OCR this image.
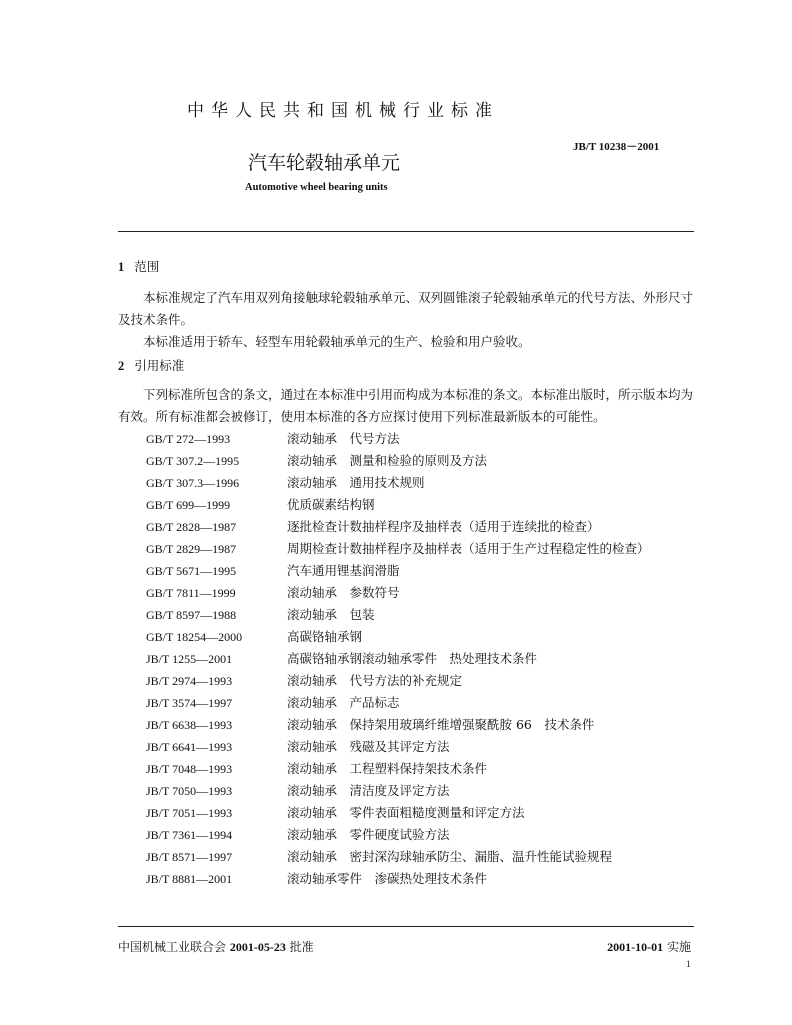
中华人民共和国机械行业标准
JB/T 10238－2001
汽车轮毂轴承单元
Automotive wheel bearing units
1 范围
本标准规定了汽车用双列角接触球轮毂轴承单元、双列圆锥滚子轮毂轴承单元的代号方法、外形尺寸及技术条件。
本标准适用于轿车、轻型车用轮毂轴承单元的生产、检验和用户验收。
2 引用标准
下列标准所包含的条文，通过在本标准中引用而构成为本标准的条文。本标准出版时，所示版本均为有效。所有标准都会被修订，使用本标准的各方应探讨使用下列标准最新版本的可能性。
GB/T 272—1993	滚动轴承　代号方法
GB/T 307.2—1995	滚动轴承　测量和检验的原则及方法
GB/T 307.3—1996	滚动轴承　通用技术规则
GB/T 699—1999	优质碳素结构钢
GB/T 2828—1987	逐批检查计数抽样程序及抽样表（适用于连续批的检查）
GB/T 2829—1987	周期检查计数抽样程序及抽样表（适用于生产过程稳定性的检查）
GB/T 5671—1995	汽车通用锂基润滑脂
GB/T 7811—1999	滚动轴承　参数符号
GB/T 8597—1988	滚动轴承　包装
GB/T 18254—2000	高碳铬轴承钢
JB/T 1255—2001	高碳铬轴承钢滚动轴承零件　热处理技术条件
JB/T 2974—1993	滚动轴承　代号方法的补充规定
JB/T 3574—1997	滚动轴承　产品标志
JB/T 6638—1993	滚动轴承　保持架用玻璃纤维增强聚酰胺 66　技术条件
JB/T 6641—1993	滚动轴承　残磁及其评定方法
JB/T 7048—1993	滚动轴承　工程塑料保持架技术条件
JB/T 7050—1993	滚动轴承　清洁度及评定方法
JB/T 7051—1993	滚动轴承　零件表面粗糙度测量和评定方法
JB/T 7361—1994	滚动轴承　零件硬度试验方法
JB/T 8571—1997	滚动轴承　密封深沟球轴承防尘、漏脂、温升性能试验规程
JB/T 8881—2001	滚动轴承零件　渗碳热处理技术条件
中国机械工业联合会 2001-05-23 批准	2001-10-01 实施
1
